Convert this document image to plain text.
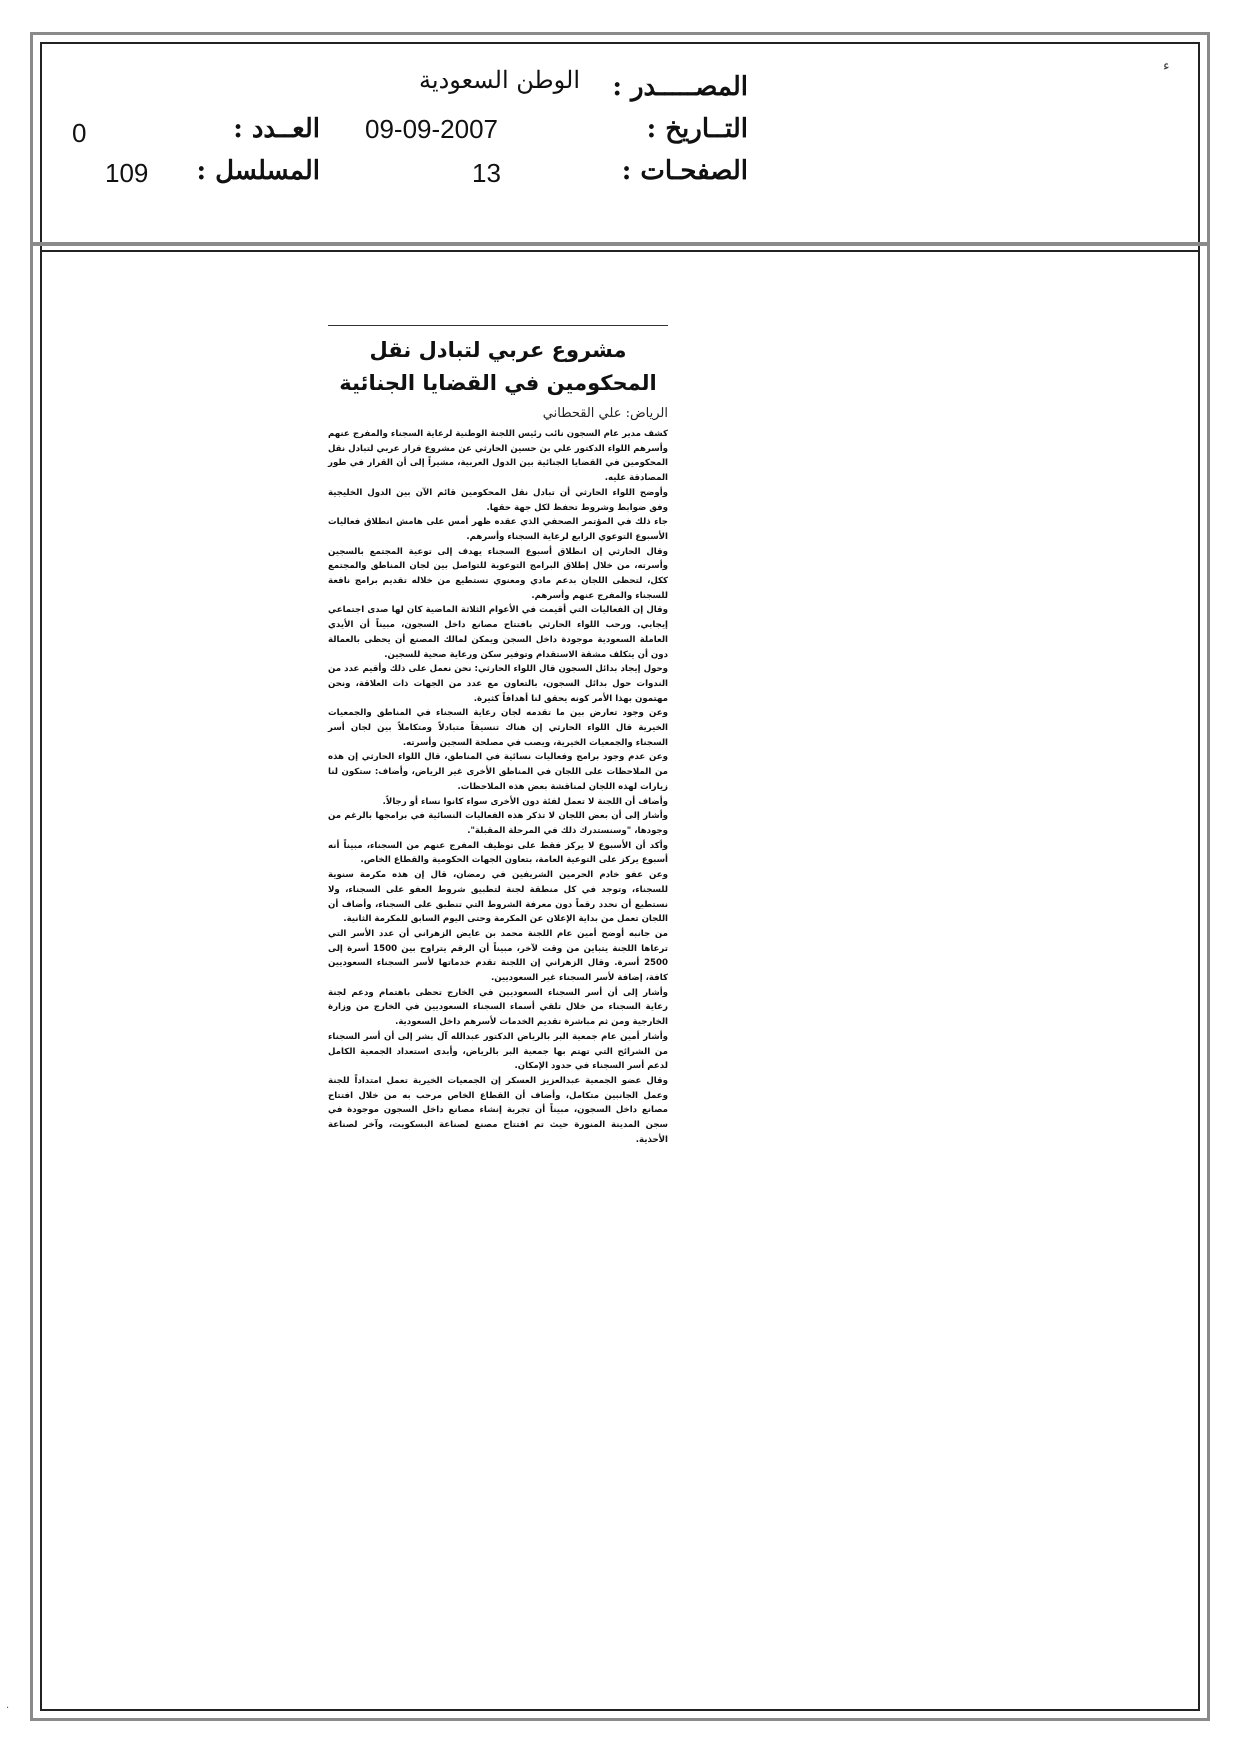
ء
.
المصـــــدر :
التــاريخ :
الصفحـات :
الوطن السعودية
09-09-2007
13
العــدد :
المسلسل :
0
109
مشروع عربي لتبادل نقل
المحكومين في القضايا الجنائية
الرياض: علي القحطاني

كشف مدير عام السجون نائب رئيس اللجنة الوطنية لرعاية السجناء والمفرج عنهم وأسرهم اللواء الدكتور علي بن حسين الحارثي عن مشروع قرار عربي لتبادل نقل المحكومين في القضايا الجنائية بين الدول العربية، مشيراً إلى أن القرار في طور المصادقة عليه.

وأوضح اللواء الحارثي أن تبادل نقل المحكومين قائم الآن بين الدول الخليجية وفق ضوابط وشروط تحفظ لكل جهة حقها.

جاء ذلك في المؤتمر الصحفي الذي عقده ظهر أمس على هامش انطلاق فعاليات الأسبوع التوعوي الرابع لرعاية السجناء وأسرهم.

وقال الحارثي إن انطلاق أسبوع السجناء يهدف إلى توعية المجتمع بالسجين وأسرته، من خلال إطلاق البرامج التوعوية للتواصل بين لجان المناطق والمجتمع ككل، لتحظى اللجان بدعم مادي ومعنوي تستطيع من خلاله تقديم برامج نافعة للسجناء والمفرج عنهم وأسرهم.

وقال إن الفعاليات التي أقيمت في الأعوام الثلاثة الماضية كان لها صدى اجتماعي إيجابي. ورحب اللواء الحارثي بافتتاح مصانع داخل السجون، مبيناً أن الأيدي العاملة السعودية موجودة داخل السجن ويمكن لمالك المصنع أن يحظى بالعمالة دون أن يتكلف مشقة الاستقدام وتوفير سكن ورعاية صحية للسجين.

وحول إيجاد بدائل السجون قال اللواء الحارثي: نحن نعمل على ذلك وأقيم عدد من الندوات حول بدائل السجون، بالتعاون مع عدد من الجهات ذات العلاقة، ونحن مهتمون بهذا الأمر كونه يحقق لنا أهدافاً كثيرة.

وعن وجود تعارض بين ما تقدمه لجان رعاية السجناء في المناطق والجمعيات الخيرية قال اللواء الحارثي إن هناك تنسيقاً متبادلاً ومتكاملاً بين لجان أسر السجناء والجمعيات الخيرية، ويصب في مصلحة السجين وأسرته.

وعن عدم وجود برامج وفعاليات نسائية في المناطق، قال اللواء الحارثي إن هذه من الملاحظات على اللجان في المناطق الأخرى غير الرياض، وأضاف: ستكون لنا زيارات لهذه اللجان لمناقشة بعض هذه الملاحظات.

وأضاف أن اللجنة لا تعمل لفئة دون الأخرى سواء كانوا نساء أو رجالاً.

وأشار إلى أن بعض اللجان لا تذكر هذه الفعاليات النسائية في برامجها بالرغم من وجودها، "وسنستدرك ذلك في المرحلة المقبلة".

وأكد أن الأسبوع لا يركز فقط على توظيف المفرج عنهم من السجناء، مبيناً أنه أسبوع يركز على التوعية العامة، بتعاون الجهات الحكومية والقطاع الخاص.

وعن عفو خادم الحرمين الشريفين في رمضان، قال إن هذه مكرمة سنوية للسجناء، وتوجد في كل منطقة لجنة لتطبيق شروط العفو على السجناء، ولا نستطيع أن نحدد رقماً دون معرفة الشروط التي تنطبق على السجناء، وأضاف أن اللجان تعمل من بداية الإعلان عن المكرمة وحتى اليوم السابق للمكرمة الثانية.

من جانبه أوضح أمين عام اللجنة محمد بن عايض الزهراني أن عدد الأسر التي ترعاها اللجنة يتباين من وقت لآخر، مبيناً أن الرقم يتراوح بين 1500 أسرة إلى 2500 أسرة. وقال الزهراني إن اللجنة تقدم خدماتها لأسر السجناء السعوديين كافة، إضافة لأسر السجناء غير السعوديين.

وأشار إلى أن أسر السجناء السعوديين في الخارج تحظى باهتمام ودعم لجنة رعاية السجناء من خلال تلقي أسماء السجناء السعوديين في الخارج من وزارة الخارجية ومن ثم مباشرة تقديم الخدمات لأسرهم داخل السعودية.

وأشار أمين عام جمعية البر بالرياض الدكتور عبدالله آل بشر إلى أن أسر السجناء من الشرائح التي تهتم بها جمعية البر بالرياض، وأبدى استعداد الجمعية الكامل لدعم أسر السجناء في حدود الإمكان.

وقال عضو الجمعية عبدالعزيز العسكر إن الجمعيات الخيرية تعمل امتداداً للجنة وعمل الجانبين متكامل، وأضاف أن القطاع الخاص مرحب به من خلال افتتاح مصانع داخل السجون، مبيناً أن تجربة إنشاء مصانع داخل السجون موجودة في سجن المدينة المنورة حيث تم افتتاح مصنع لصناعة البسكويت، وآخر لصناعة الأحذية.
